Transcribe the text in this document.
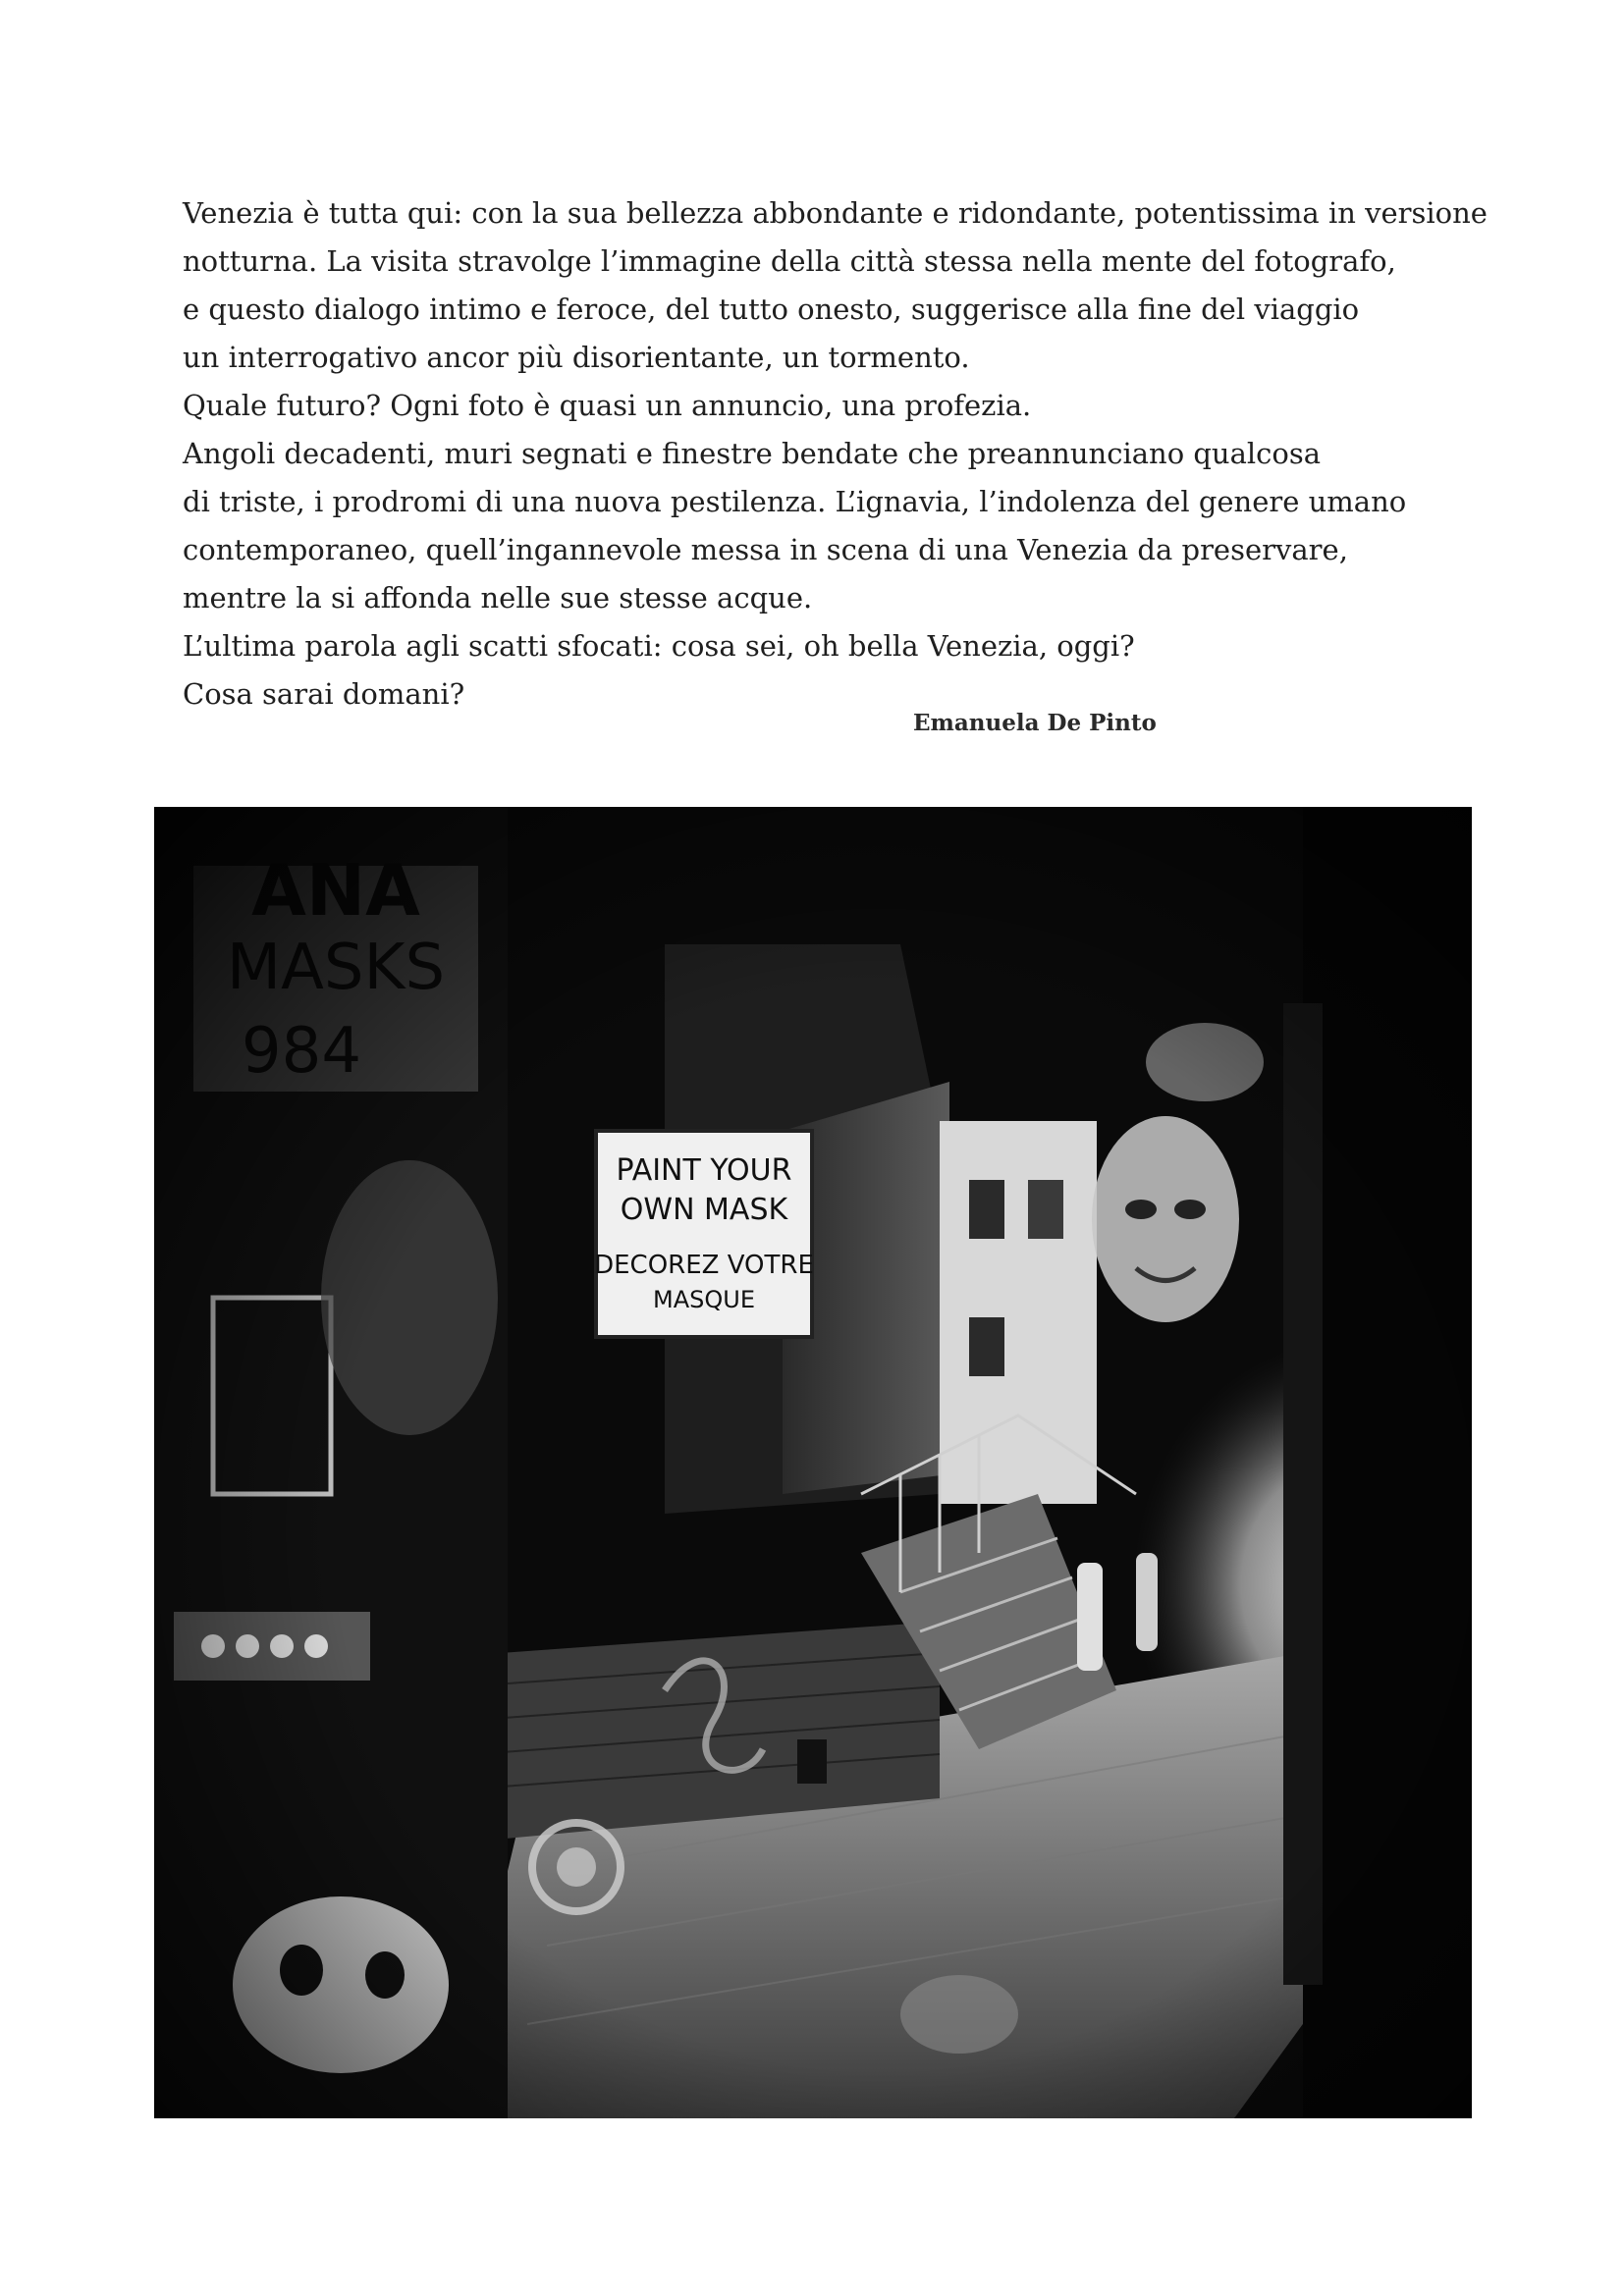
Venezia è tutta qui: con la sua bellezza abbondante e ridondante, potentissima in versione
notturna. La visita stravolge l’immagine della città stessa nella mente del fotografo,
e questo dialogo intimo e feroce, del tutto onesto, suggerisce alla fine del viaggio
un interrogativo ancor più disorientante, un tormento.
Quale futuro? Ogni foto è quasi un annuncio, una profezia.
Angoli decadenti, muri segnati e finestre bendate che preannunciano qualcosa
di triste, i prodromi di una nuova pestilenza. L’ignavia, l’indolenza del genere umano
contemporaneo, quell’ingannevole messa in scena di una Venezia da preservare,
mentre la si affonda nelle sue stesse acque.
L’ultima parola agli scatti sfocati: cosa sei, oh bella Venezia, oggi?
Cosa sarai domani?
Emanuela De Pinto
